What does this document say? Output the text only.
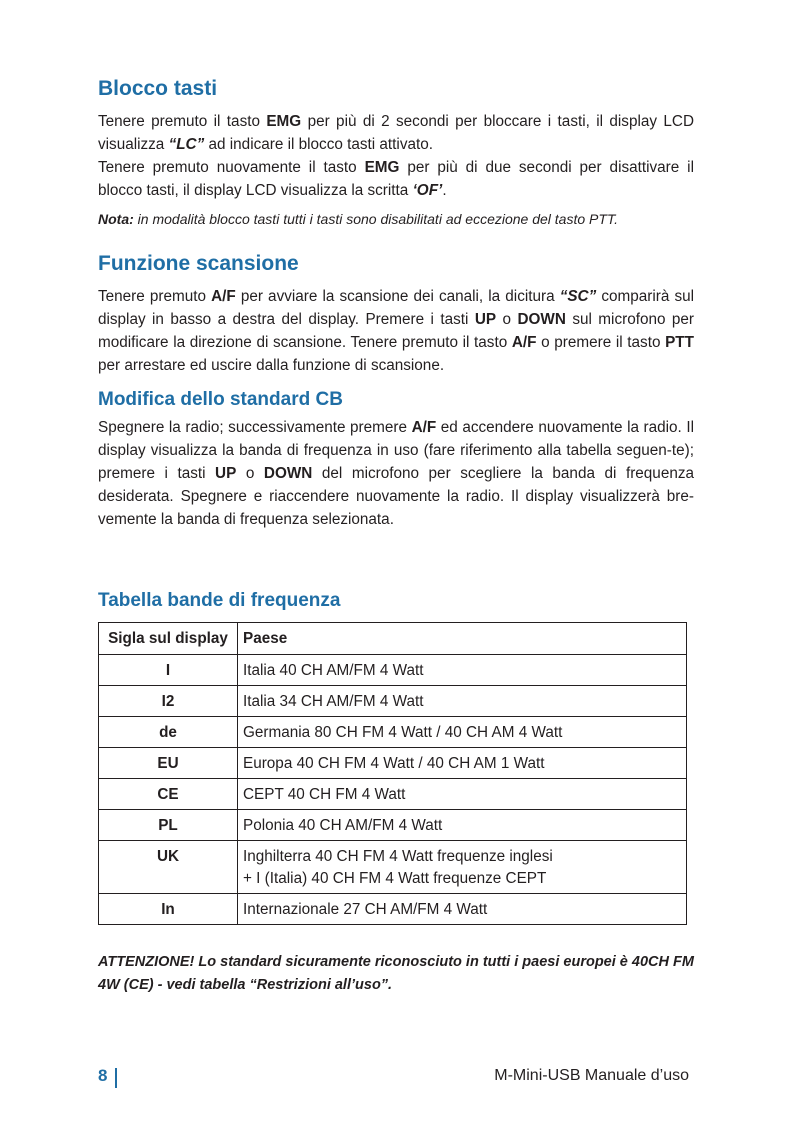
Blocco tasti

Tenere premuto il tasto EMG per più di 2 secondi per bloccare i tasti, il display LCD visualizza “LC” ad indicare il blocco tasti attivato.

Tenere premuto nuovamente il tasto EMG per più di due secondi per disattivare il blocco tasti, il display LCD visualizza la scritta ‘OF’.

Nota: in modalità blocco tasti tutti i tasti sono disabilitati ad eccezione del tasto PTT.

Funzione scansione

Tenere premuto A/F per avviare la scansione dei canali, la dicitura “SC” comparirà sul display in basso a destra del display. Premere i tasti UP o DOWN sul microfono per modificare la direzione di scansione. Tenere premuto il tasto A/F o premere il tasto PTT per arrestare ed uscire dalla funzione di scansione.

Modifica dello standard CB

Spegnere la radio; successivamente premere A/F ed accendere nuovamente la radio. Il display visualizza la banda di frequenza in uso (fare riferimento alla tabella seguen-te); premere i tasti UP o DOWN del microfono per scegliere la banda di frequenza desiderata. Spegnere e riaccendere nuovamente la radio. Il display visualizzerà bre-vemente la banda di frequenza selezionata.

Tabella bande di frequenza
Sigla sul display	Paese
I	Italia 40 CH AM/FM 4 Watt
I2	Italia 34 CH AM/FM 4 Watt
de	Germania 80 CH FM 4 Watt / 40 CH AM 4 Watt
EU	Europa 40 CH FM 4 Watt / 40 CH AM 1 Watt
CE	CEPT 40 CH FM 4 Watt
PL	Polonia 40 CH AM/FM 4 Watt
UK	Inghilterra 40 CH FM 4 Watt frequenze inglesi
+ I (Italia) 40 CH FM 4 Watt frequenze CEPT
In	Internazionale 27 CH AM/FM 4 Watt

ATTENZIONE! Lo standard sicuramente riconosciuto in tutti i paesi europei è 40CH FM 4W (CE) - vedi tabella “Restrizioni all’uso”.

8	M-Mini-USB Manuale d’uso
